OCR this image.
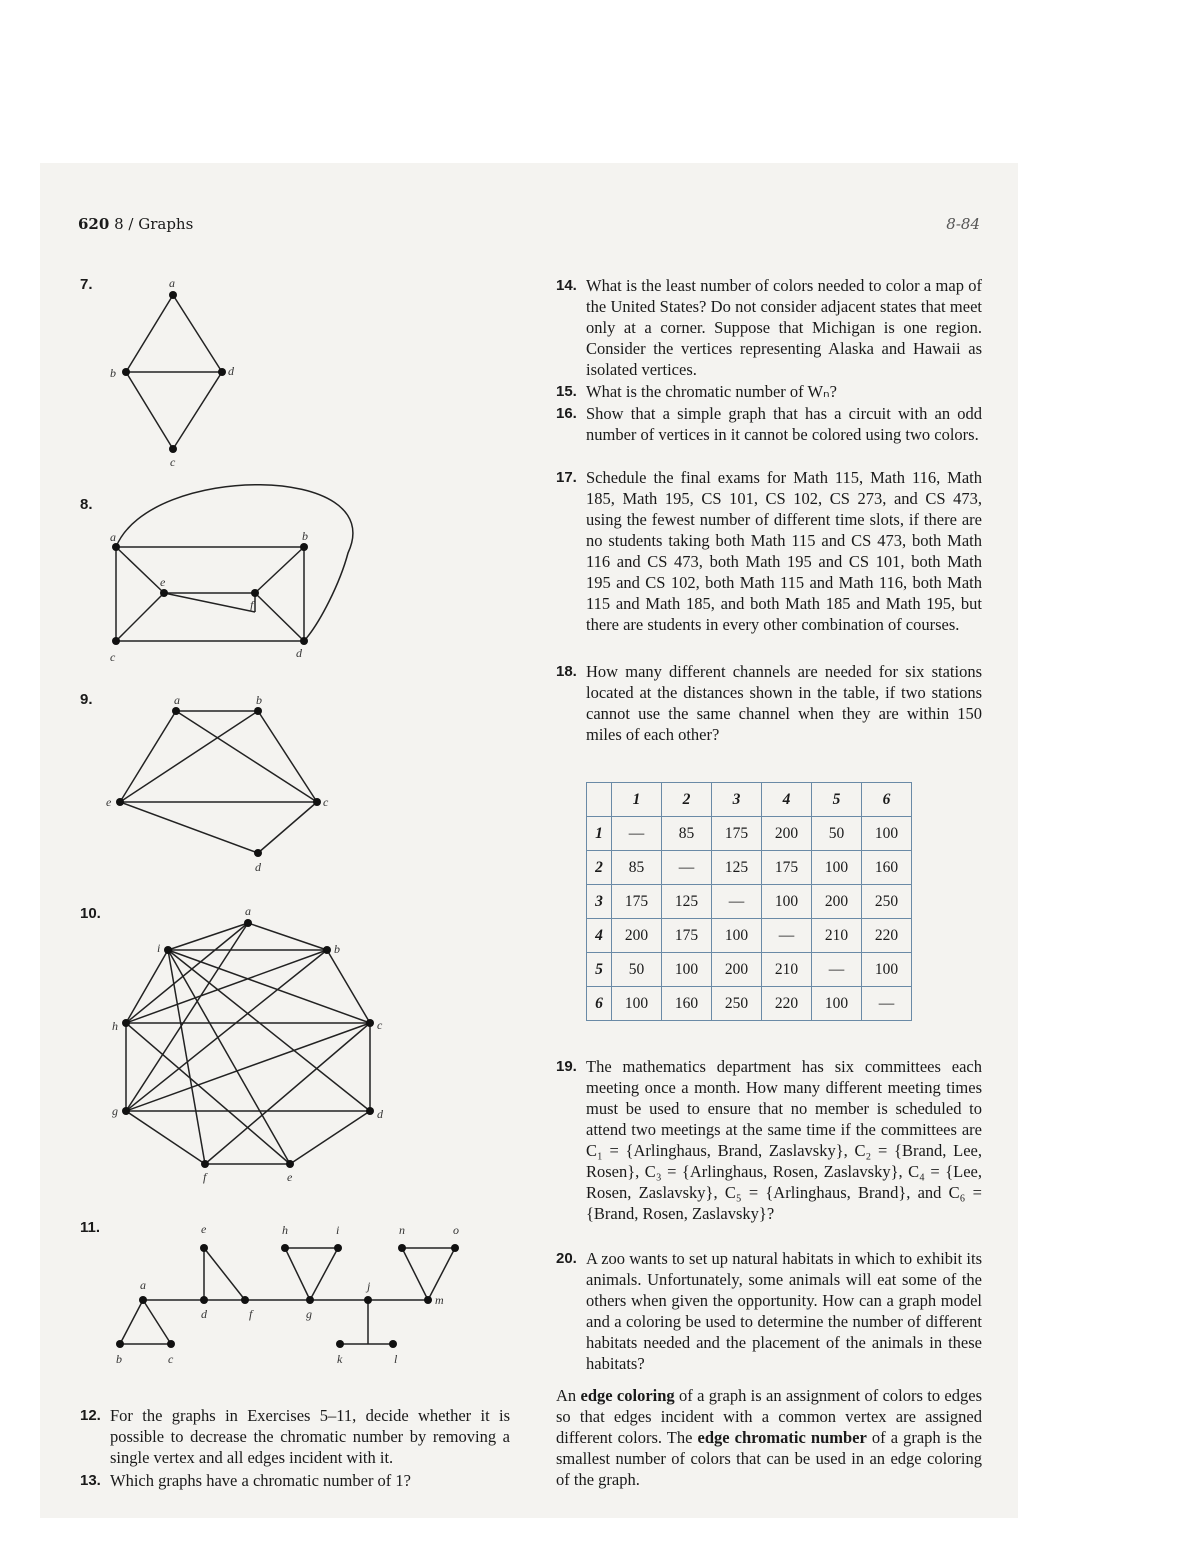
620 8 / Graphs	8-84
7.
8.
9.
10.
11.
a
b
c
d
a	b
c	d
e
f
a	b
c
d
e
a
b
c
d
e
f
g
h
i
a
b	c
d
e
f	g
h	i
j
k	l
m
n	o
12. For the graphs in Exercises 5–11, decide whether it is possible to decrease the chromatic number by removing a single vertex and all edges incident with it.
13. Which graphs have a chromatic number of 1?
14. What is the least number of colors needed to color a map of the United States? Do not consider adjacent states that meet only at a corner. Suppose that Michigan is one region. Consider the vertices representing Alaska and Hawaii as isolated vertices.
15. What is the chromatic number of Wₙ?
16. Show that a simple graph that has a circuit with an odd number of vertices in it cannot be colored using two colors.
17. Schedule the final exams for Math 115, Math 116, Math 185, Math 195, CS 101, CS 102, CS 273, and CS 473, using the fewest number of different time slots, if there are no students taking both Math 115 and CS 473, both Math 116 and CS 473, both Math 195 and CS 101, both Math 195 and CS 102, both Math 115 and Math 116, both Math 115 and Math 185, and both Math 185 and Math 195, but there are students in every other combination of courses.
18. How many different channels are needed for six stations located at the distances shown in the table, if two stations cannot use the same channel when they are within 150 miles of each other?
	1	2	3	4	5	6
1	—	85	175	200	50	100
2	85	—	125	175	100	160
3	175	125	—	100	200	250
4	200	175	100	—	210	220
5	50	100	200	210	—	100
6	100	160	250	220	100	—
19. The mathematics department has six committees each meeting once a month. How many different meeting times must be used to ensure that no member is scheduled to attend two meetings at the same time if the committees are C₁ = {Arlinghaus, Brand, Zaslavsky}, C₂ = {Brand, Lee, Rosen}, C₃ = {Arlinghaus, Rosen, Zaslavsky}, C₄ = {Lee, Rosen, Zaslavsky}, C₅ = {Arlinghaus, Brand}, and C₆ = {Brand, Rosen, Zaslavsky}?
20. A zoo wants to set up natural habitats in which to exhibit its animals. Unfortunately, some animals will eat some of the others when given the opportunity. How can a graph model and a coloring be used to determine the number of different habitats needed and the placement of the animals in these habitats?
An edge coloring of a graph is an assignment of colors to edges so that edges incident with a common vertex are assigned different colors. The edge chromatic number of a graph is the smallest number of colors that can be used in an edge coloring of the graph.
